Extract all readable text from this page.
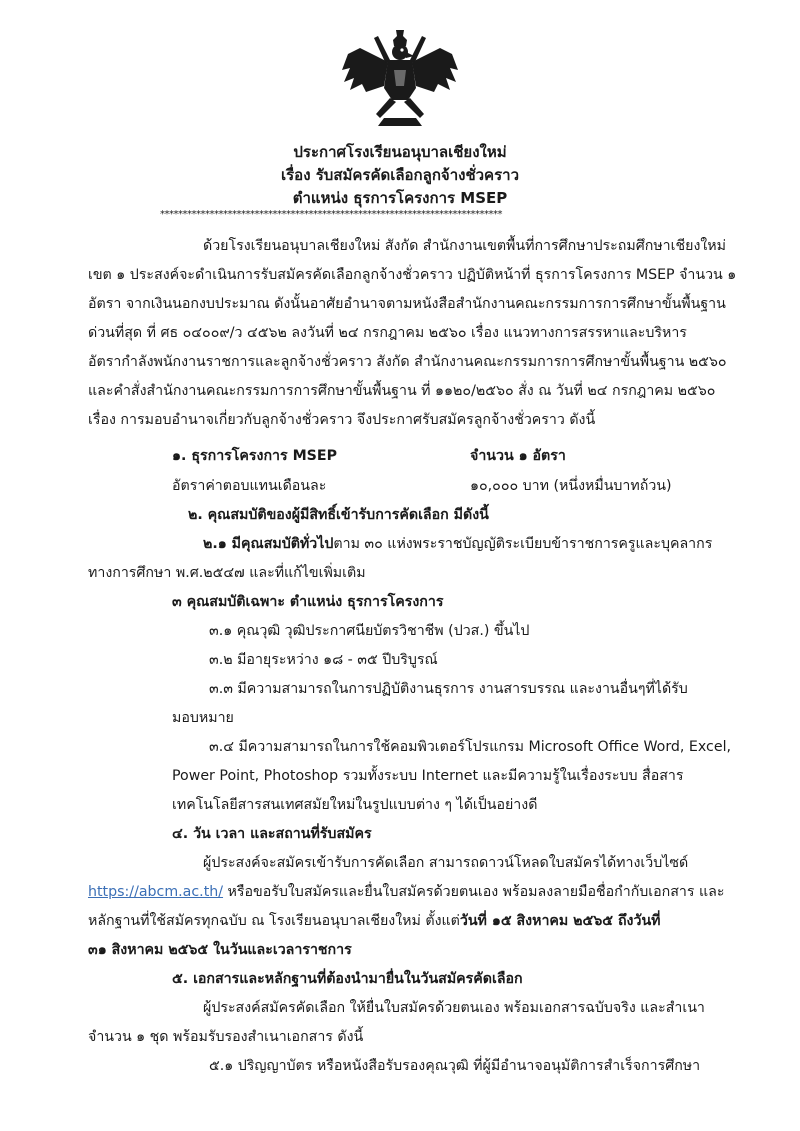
ประกาศโรงเรียนอนุบาลเชียงใหม่
เรื่อง รับสมัครคัดเลือกลูกจ้างชั่วคราว
ตำแหน่ง ธุรการโครงการ MSEP
****************************************************************************
ด้วยโรงเรียนอนุบาลเชียงใหม่ สังกัด สำนักงานเขตพื้นที่การศึกษาประถมศึกษาเชียงใหม่
เขต ๑ ประสงค์จะดำเนินการรับสมัครคัดเลือกลูกจ้างชั่วคราว ปฏิบัติหน้าที่ ธุรการโครงการ MSEP จำนวน ๑
อัตรา จากเงินนอกงบประมาณ ดังนั้นอาศัยอำนาจตามหนังสือสำนักงานคณะกรรมการการศึกษาขั้นพื้นฐาน
ด่วนที่สุด ที่ ศธ ๐๔๐๐๙/ว ๔๕๖๒ ลงวันที่ ๒๔ กรกฎาคม ๒๕๖๐ เรื่อง แนวทางการสรรหาและบริหาร
อัตรากำลังพนักงานราชการและลูกจ้างชั่วคราว สังกัด สำนักงานคณะกรรมการการศึกษาขั้นพื้นฐาน ๒๕๖๐
และคำสั่งสำนักงานคณะกรรมการการศึกษาขั้นพื้นฐาน ที่ ๑๑๒๐/๒๕๖๐ สั่ง ณ วันที่ ๒๔ กรกฎาคม ๒๕๖๐
เรื่อง การมอบอำนาจเกี่ยวกับลูกจ้างชั่วคราว จึงประกาศรับสมัครลูกจ้างชั่วคราว ดังนี้
๑. ธุรการโครงการ MSEP	จำนวน ๑ อัตรา
อัตราค่าตอบแทนเดือนละ	๑๐,๐๐๐ บาท (หนึ่งหมื่นบาทถ้วน)
๒. คุณสมบัติของผู้มีสิทธิ์เข้ารับการคัดเลือก มีดังนี้
๒.๑ มีคุณสมบัติทั่วไปตาม ๓๐ แห่งพระราชบัญญัติระเบียบข้าราชการครูและบุคลากร
ทางการศึกษา พ.ศ.๒๕๔๗ และที่แก้ไขเพิ่มเติม
๓ คุณสมบัติเฉพาะ ตำแหน่ง ธุรการโครงการ
๓.๑ คุณวุฒิ วุฒิประกาศนียบัตรวิชาชีพ (ปวส.) ขึ้นไป
๓.๒ มีอายุระหว่าง ๑๘ - ๓๕ ปีบริบูรณ์
๓.๓ มีความสามารถในการปฏิบัติงานธุรการ งานสารบรรณ และงานอื่นๆที่ได้รับ
มอบหมาย
๓.๔ มีความสามารถในการใช้คอมพิวเตอร์โปรแกรม Microsoft Office Word, Excel,
Power Point, Photoshop รวมทั้งระบบ Internet และมีความรู้ในเรื่องระบบ สื่อสาร
เทคโนโลยีสารสนเทศสมัยใหม่ในรูปแบบต่าง ๆ ได้เป็นอย่างดี
๔. วัน เวลา และสถานที่รับสมัคร
ผู้ประสงค์จะสมัครเข้ารับการคัดเลือก สามารถดาวน์โหลดใบสมัครได้ทางเว็บไซด์
https://abcm.ac.th/ หรือขอรับใบสมัครและยื่นใบสมัครด้วยตนเอง พร้อมลงลายมือชื่อกำกับเอกสาร และ
หลักฐานที่ใช้สมัครทุกฉบับ ณ โรงเรียนอนุบาลเชียงใหม่ ตั้งแต่วันที่ ๑๕ สิงหาคม ๒๕๖๕ ถึงวันที่
๓๑ สิงหาคม ๒๕๖๕ ในวันและเวลาราชการ
๕. เอกสารและหลักฐานที่ต้องนำมายื่นในวันสมัครคัดเลือก
ผู้ประสงค์สมัครคัดเลือก ให้ยื่นใบสมัครด้วยตนเอง พร้อมเอกสารฉบับจริง และสำเนา
จำนวน ๑ ชุด พร้อมรับรองสำเนาเอกสาร ดังนี้
๕.๑ ปริญญาบัตร หรือหนังสือรับรองคุณวุฒิ ที่ผู้มีอำนาจอนุมัติการสำเร็จการศึกษา
